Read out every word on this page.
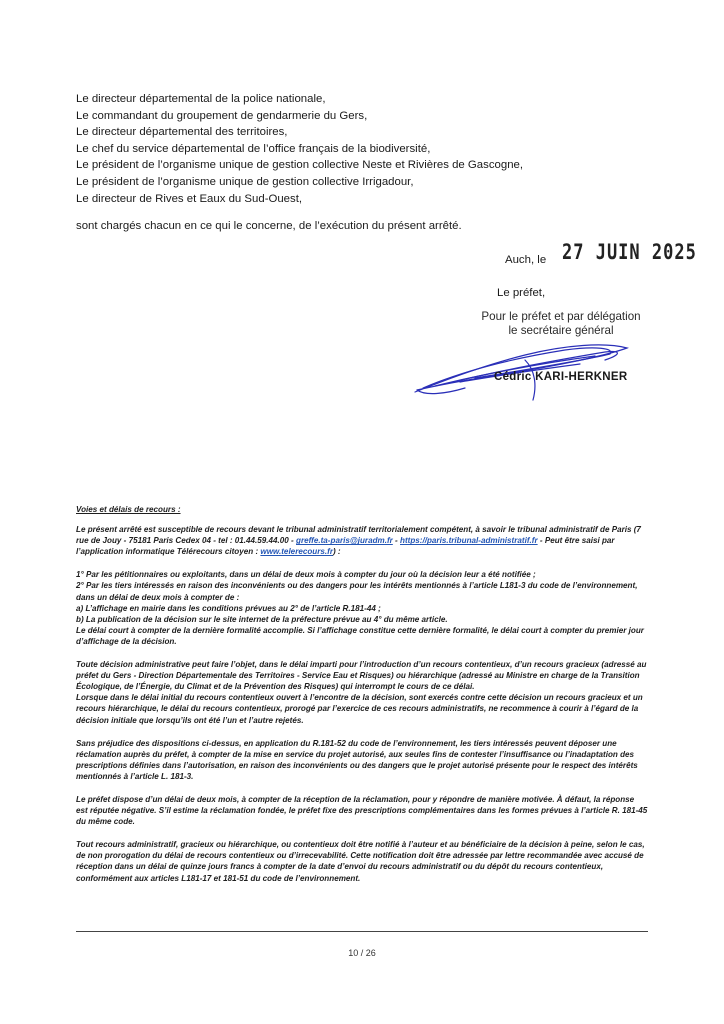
Le directeur départemental de la police nationale,
Le commandant du groupement de gendarmerie du Gers,
Le directeur départemental des territoires,
Le chef du service départemental de l’office français de la biodiversité,
Le président de l’organisme unique de gestion collective Neste et Rivières de Gascogne,
Le président de l’organisme unique de gestion collective Irrigadour,
Le directeur de Rives et Eaux du Sud-Ouest,
sont chargés chacun en ce qui le concerne, de l’exécution du présent arrêté.
Auch, le 27 JUIN 2025
Le préfet,
Pour le préfet et par délégation
le secrétaire général
Cédric KARI-HERKNER

Voies et délais de recours :

Le présent arrêté est susceptible de recours devant le tribunal administratif territorialement compétent, à savoir le tribunal administratif de Paris (7 rue de Jouy - 75181 Paris Cedex 04 - tel : 01.44.59.44.00 - greffe.ta-paris@juradm.fr - https://paris.tribunal-administratif.fr - Peut être saisi par l’application informatique Télérecours citoyen : www.telerecours.fr) :

1° Par les pétitionnaires ou exploitants, dans un délai de deux mois à compter du jour où la décision leur a été notifiée ;
2° Par les tiers intéressés en raison des inconvénients ou des dangers pour les intérêts mentionnés à l’article L181-3 du code de l’environnement, dans un délai de deux mois à compter de :
a) L’affichage en mairie dans les conditions prévues au 2° de l’article R.181-44 ;
b) La publication de la décision sur le site internet de la préfecture prévue au 4° du même article.
Le délai court à compter de la dernière formalité accomplie. Si l’affichage constitue cette dernière formalité, le délai court à compter du premier jour d’affichage de la décision.

Toute décision administrative peut faire l’objet, dans le délai imparti pour l’introduction d’un recours contentieux, d’un recours gracieux (adressé au préfet du Gers - Direction Départementale des Territoires - Service Eau et Risques) ou hiérarchique (adressé au Ministre en charge de la Transition Écologique, de l’Énergie, du Climat et de la Prévention des Risques) qui interrompt le cours de ce délai.
Lorsque dans le délai initial du recours contentieux ouvert à l’encontre de la décision, sont exercés contre cette décision un recours gracieux et un recours hiérarchique, le délai du recours contentieux, prorogé par l’exercice de ces recours administratifs, ne recommence à courir à l’égard de la décision initiale que lorsqu’ils ont été l’un et l’autre rejetés.

Sans préjudice des dispositions ci-dessus, en application du R.181-52 du code de l’environnement, les tiers intéressés peuvent déposer une réclamation auprès du préfet, à compter de la mise en service du projet autorisé, aux seules fins de contester l’insuffisance ou l’inadaptation des prescriptions définies dans l’autorisation, en raison des inconvénients ou des dangers que le projet autorisé présente pour le respect des intérêts mentionnés à l’article L. 181-3.

Le préfet dispose d’un délai de deux mois, à compter de la réception de la réclamation, pour y répondre de manière motivée. À défaut, la réponse est réputée négative. S’il estime la réclamation fondée, le préfet fixe des prescriptions complémentaires dans les formes prévues à l’article R. 181-45 du même code.

Tout recours administratif, gracieux ou hiérarchique, ou contentieux doit être notifié à l’auteur et au bénéficiaire de la décision à peine, selon le cas, de non prorogation du délai de recours contentieux ou d’irrecevabilité. Cette notification doit être adressée par lettre recommandée avec accusé de réception dans un délai de quinze jours francs à compter de la date d’envoi du recours administratif ou du dépôt du recours contentieux, conformément aux articles L181-17 et 181-51 du code de l’environnement.

10 / 26
